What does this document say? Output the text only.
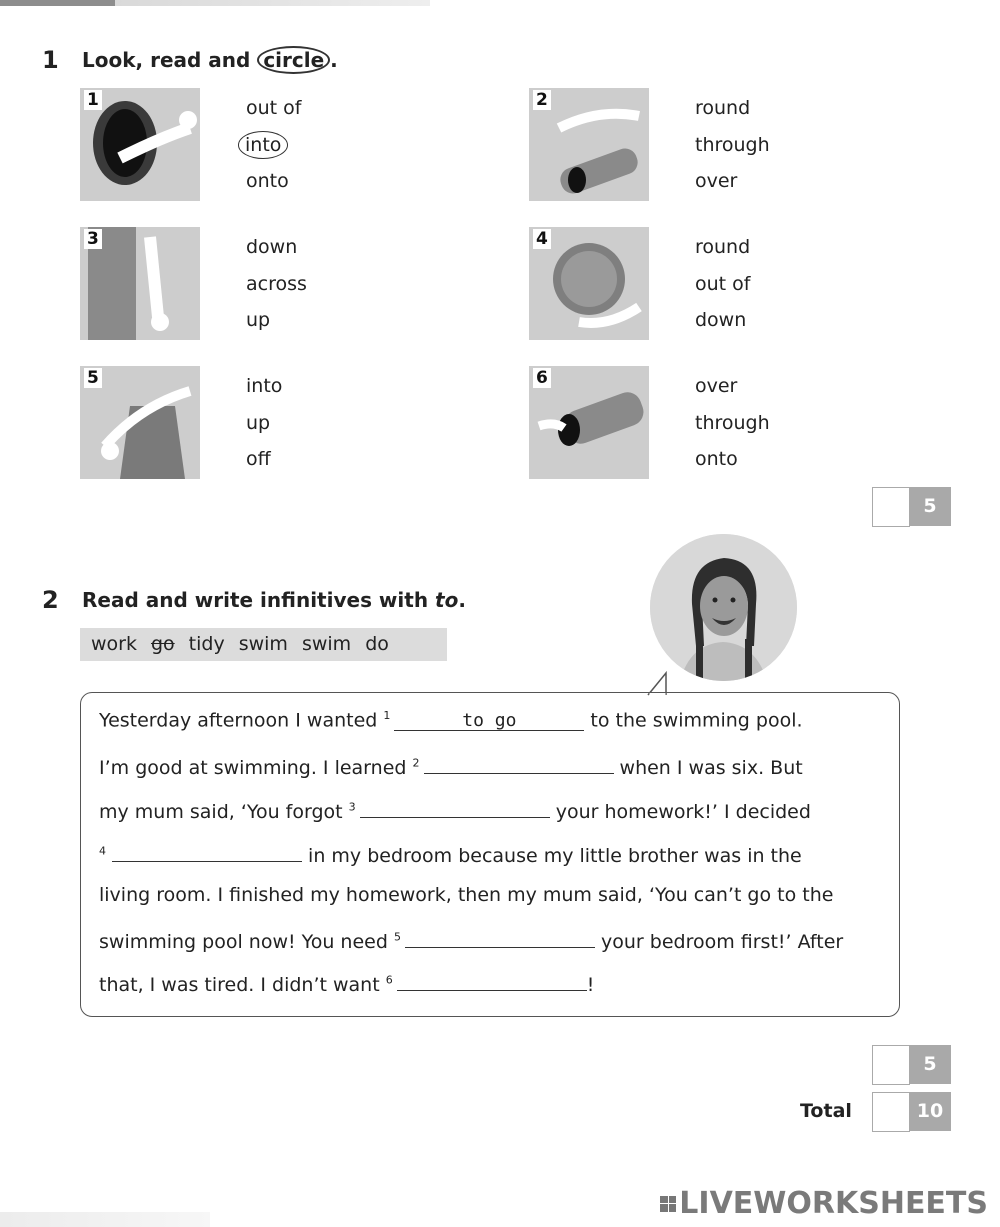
1 Look, read and circle .
1	out of
into
onto
2	round
through
over
3	down
across
up
4	round
out of
down
5	into
up
off
6	over
through
onto
5
2 Read and write infinitives with to.
work go tidy swim swim do
Yesterday afternoon I wanted $^1$	to go	to the swimming pool.
I’m good at swimming. I learned $^2$	when I was six. But
my mum said, ‘You forgot $^3$	your homework!’ I decided
$^4$	in my bedroom because my little brother was in the
living room. I finished my homework, then my mum said, ‘You can’t go to the
swimming pool now! You need $^5$	your bedroom first!’ After
that, I was tired. I didn’t want $^6$	!
5
Total	10
LIVEWORKSHEETS
